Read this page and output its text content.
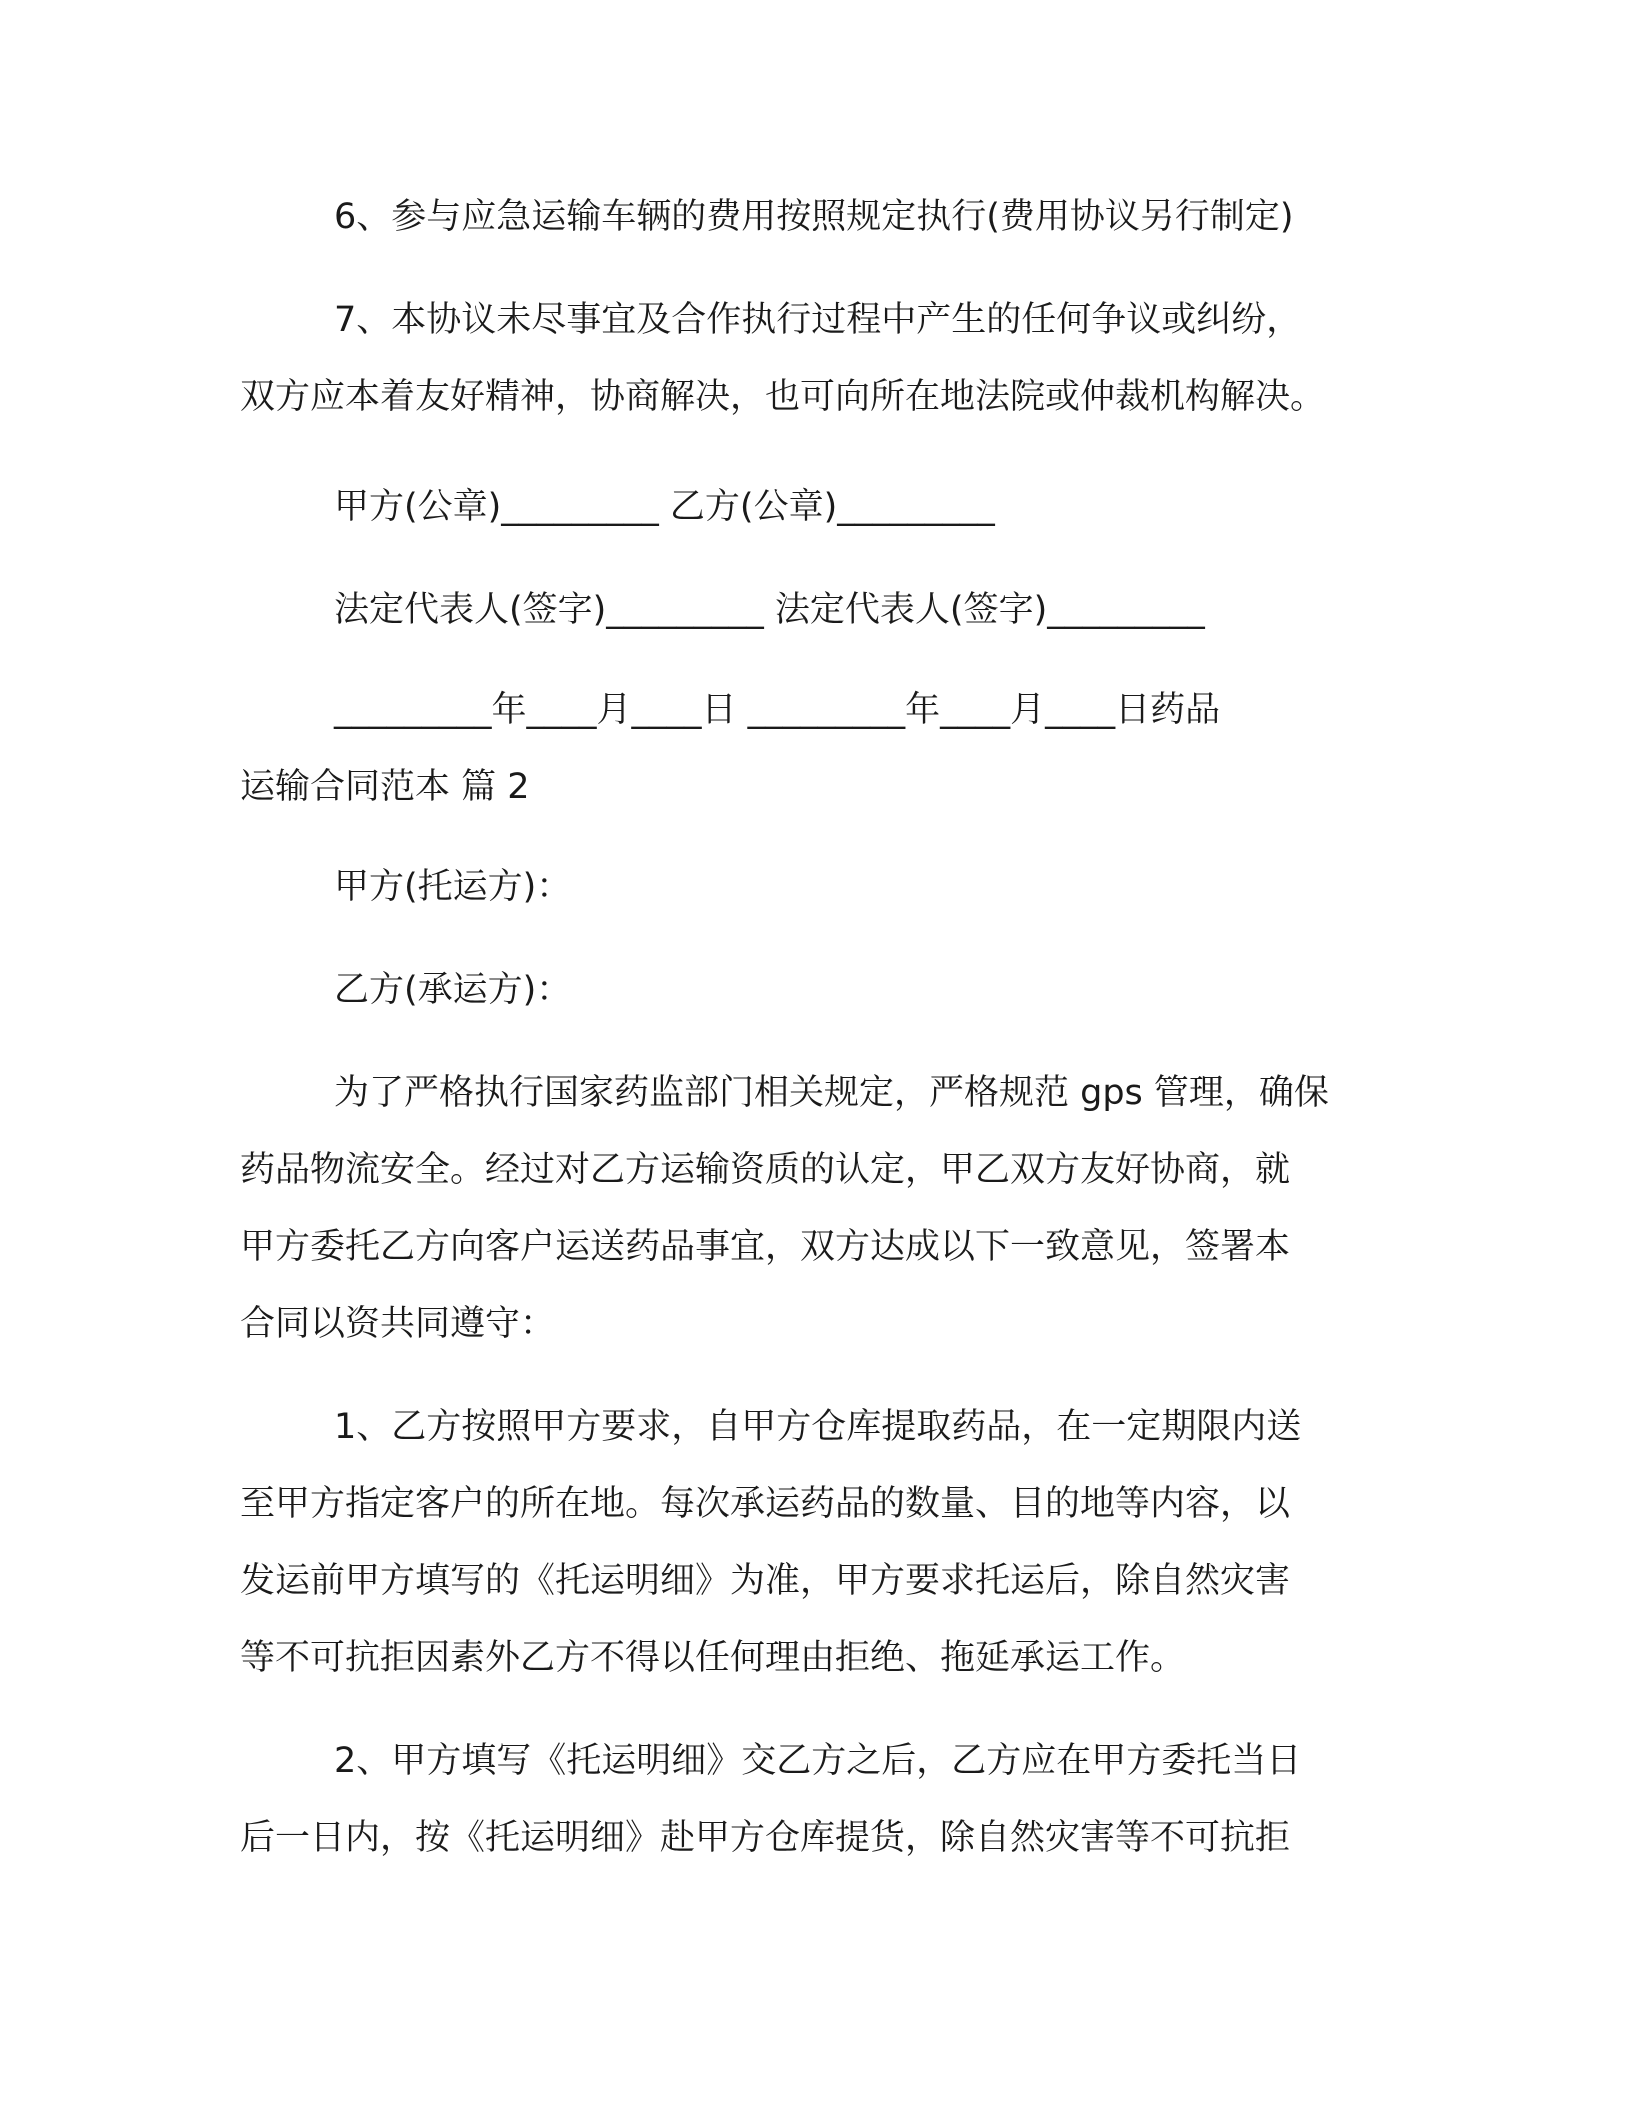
6、参与应急运输车辆的费用按照规定执行(费用协议另行制定)
7、本协议未尽事宜及合作执行过程中产生的任何争议或纠纷，
双方应本着友好精神，协商解决，也可向所在地法院或仲裁机构解决。
甲方(公章)_________ 乙方(公章)_________
法定代表人(签字)_________ 法定代表人(签字)_________
_________年____月____日 _________年____月____日药品
运输合同范本 篇 2
甲方(托运方)：
乙方(承运方)：
为了严格执行国家药监部门相关规定，严格规范 gps 管理，确保
药品物流安全。经过对乙方运输资质的认定，甲乙双方友好协商，就
甲方委托乙方向客户运送药品事宜，双方达成以下一致意见，签署本
合同以资共同遵守：
1、乙方按照甲方要求，自甲方仓库提取药品，在一定期限内送
至甲方指定客户的所在地。每次承运药品的数量、目的地等内容，以
发运前甲方填写的《托运明细》为准，甲方要求托运后，除自然灾害
等不可抗拒因素外乙方不得以任何理由拒绝、拖延承运工作。
2、甲方填写《托运明细》交乙方之后，乙方应在甲方委托当日
后一日内，按《托运明细》赴甲方仓库提货，除自然灾害等不可抗拒
